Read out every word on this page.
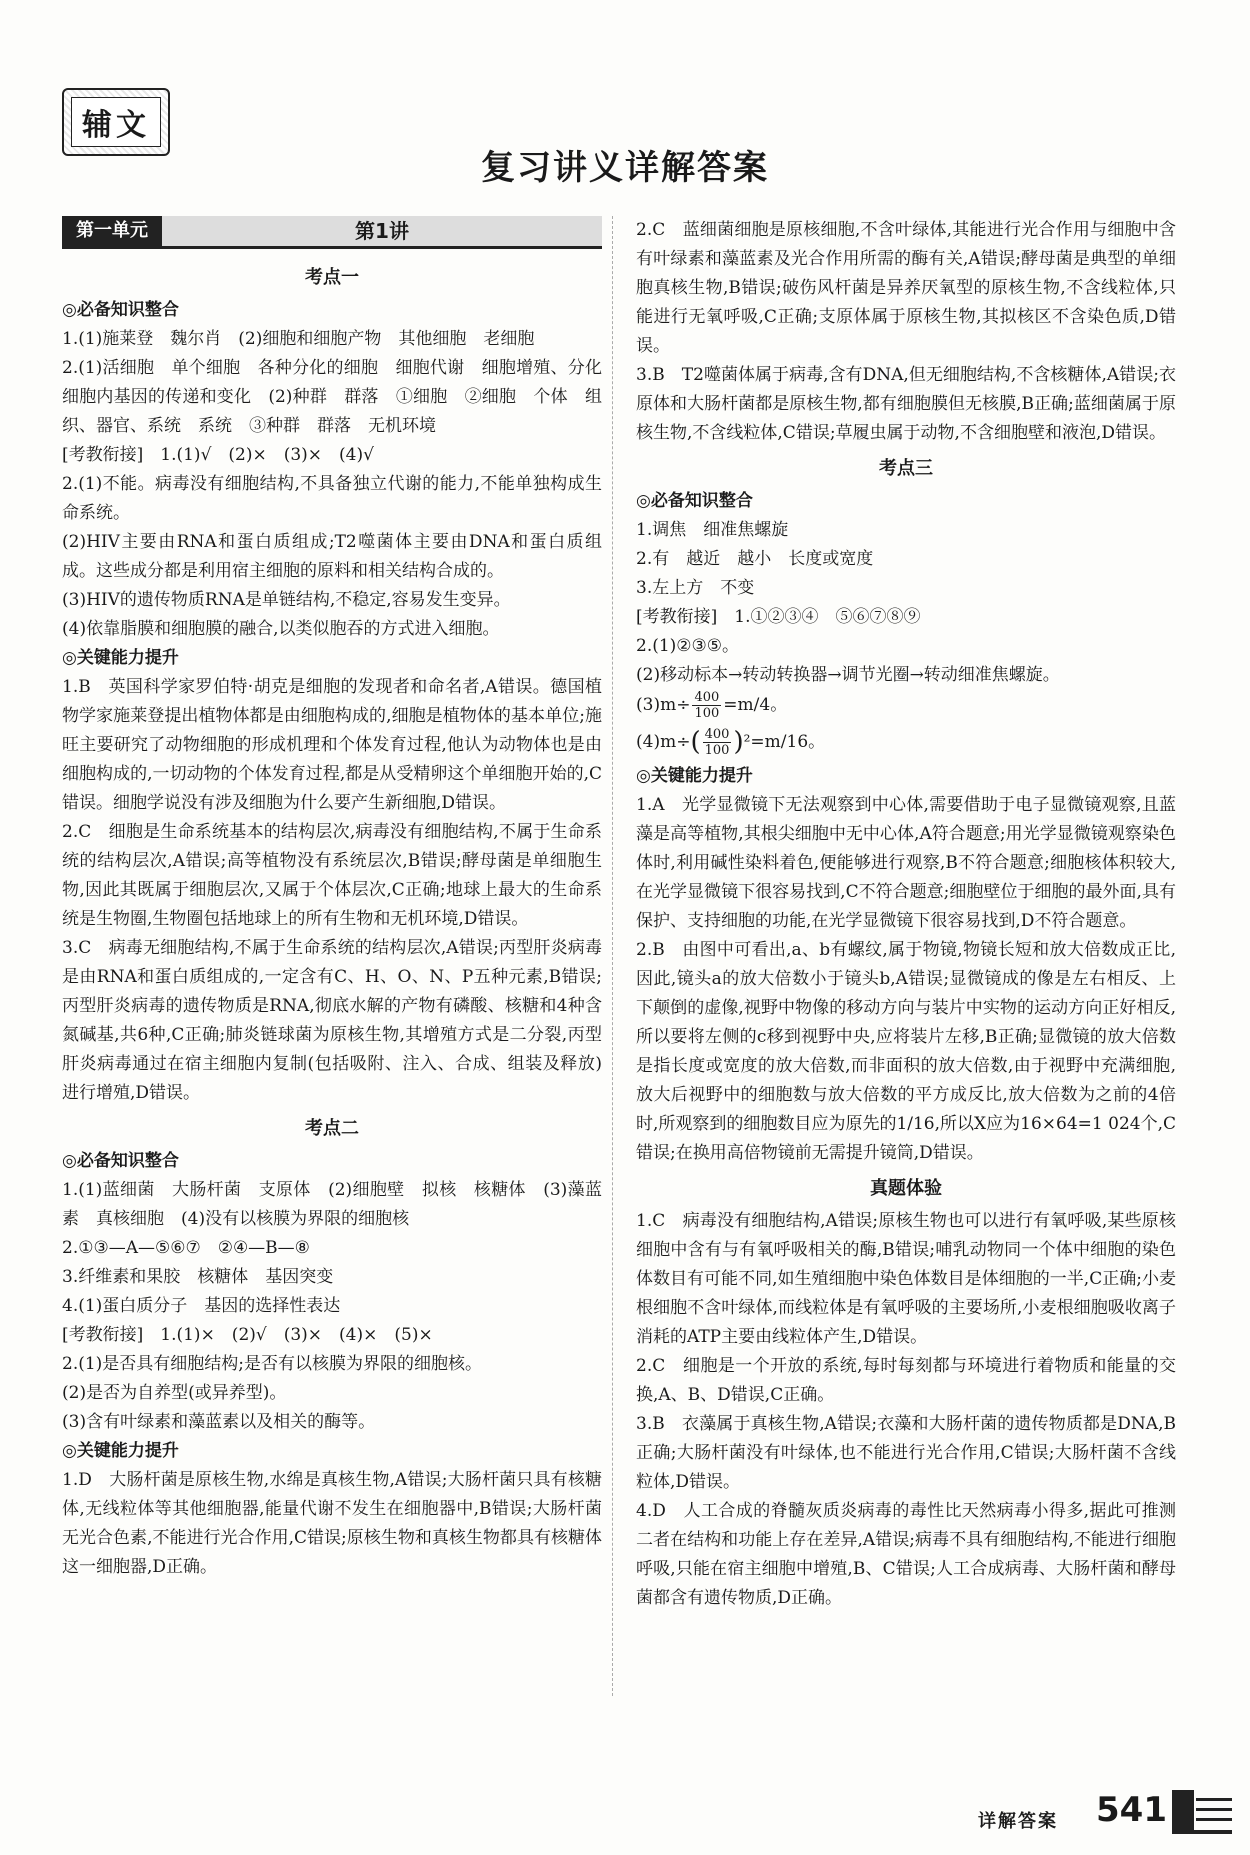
辅文
复习讲义详解答案
第一单元	第1讲
考点一
◎必备知识整合
1.(1)施莱登　魏尔肖　(2)细胞和细胞产物　其他细胞　老细胞
2.(1)活细胞　单个细胞　各种分化的细胞　细胞代谢　细胞增殖、分化　细胞内基因的传递和变化　(2)种群　群落　①细胞　②细胞　个体　组织、器官、系统　系统　③种群　群落　无机环境
[考教衔接]　1.(1)√　(2)×　(3)×　(4)√
2.(1)不能。病毒没有细胞结构,不具备独立代谢的能力,不能单独构成生命系统。
(2)HIV主要由RNA和蛋白质组成;T2噬菌体主要由DNA和蛋白质组成。这些成分都是利用宿主细胞的原料和相关结构合成的。
(3)HIV的遗传物质RNA是单链结构,不稳定,容易发生变异。
(4)依靠脂膜和细胞膜的融合,以类似胞吞的方式进入细胞。
◎关键能力提升
1.B　英国科学家罗伯特·胡克是细胞的发现者和命名者,A错误。德国植物学家施莱登提出植物体都是由细胞构成的,细胞是植物体的基本单位;施旺主要研究了动物细胞的形成机理和个体发育过程,他认为动物体也是由细胞构成的,一切动物的个体发育过程,都是从受精卵这个单细胞开始的,C错误。细胞学说没有涉及细胞为什么要产生新细胞,D错误。
2.C　细胞是生命系统基本的结构层次,病毒没有细胞结构,不属于生命系统的结构层次,A错误;高等植物没有系统层次,B错误;酵母菌是单细胞生物,因此其既属于细胞层次,又属于个体层次,C正确;地球上最大的生命系统是生物圈,生物圈包括地球上的所有生物和无机环境,D错误。
3.C　病毒无细胞结构,不属于生命系统的结构层次,A错误;丙型肝炎病毒是由RNA和蛋白质组成的,一定含有C、H、O、N、P五种元素,B错误;丙型肝炎病毒的遗传物质是RNA,彻底水解的产物有磷酸、核糖和4种含氮碱基,共6种,C正确;肺炎链球菌为原核生物,其增殖方式是二分裂,丙型肝炎病毒通过在宿主细胞内复制(包括吸附、注入、合成、组装及释放)进行增殖,D错误。
考点二
◎必备知识整合
1.(1)蓝细菌　大肠杆菌　支原体　(2)细胞壁　拟核　核糖体　(3)藻蓝素　真核细胞　(4)没有以核膜为界限的细胞核
2.①③—A—⑤⑥⑦　②④—B—⑧
3.纤维素和果胶　核糖体　基因突变
4.(1)蛋白质分子　基因的选择性表达
[考教衔接]　1.(1)×　(2)√　(3)×　(4)×　(5)×
2.(1)是否具有细胞结构;是否有以核膜为界限的细胞核。
(2)是否为自养型(或异养型)。
(3)含有叶绿素和藻蓝素以及相关的酶等。
◎关键能力提升
1.D　大肠杆菌是原核生物,水绵是真核生物,A错误;大肠杆菌只具有核糖体,无线粒体等其他细胞器,能量代谢不发生在细胞器中,B错误;大肠杆菌无光合色素,不能进行光合作用,C错误;原核生物和真核生物都具有核糖体这一细胞器,D正确。
2.C　蓝细菌细胞是原核细胞,不含叶绿体,其能进行光合作用与细胞中含有叶绿素和藻蓝素及光合作用所需的酶有关,A错误;酵母菌是典型的单细胞真核生物,B错误;破伤风杆菌是异养厌氧型的原核生物,不含线粒体,只能进行无氧呼吸,C正确;支原体属于原核生物,其拟核区不含染色质,D错误。
3.B　T2噬菌体属于病毒,含有DNA,但无细胞结构,不含核糖体,A错误;衣原体和大肠杆菌都是原核生物,都有细胞膜但无核膜,B正确;蓝细菌属于原核生物,不含线粒体,C错误;草履虫属于动物,不含细胞壁和液泡,D错误。
考点三
◎必备知识整合
1.调焦　细准焦螺旋
2.有　越近　越小　长度或宽度
3.左上方　不变
[考教衔接]　1.①②③④　⑤⑥⑦⑧⑨
2.(1)②③⑤。
(2)移动标本→转动转换器→调节光圈→转动细准焦螺旋。
$(3)m\div \frac{400}{100} =m/4$。
$(4)m\div( \frac{400}{100} )^2=m/16$。
◎关键能力提升
1.A　光学显微镜下无法观察到中心体,需要借助于电子显微镜观察,且蓝藻是高等植物,其根尖细胞中无中心体,A符合题意;用光学显微镜观察染色体时,利用碱性染料着色,便能够进行观察,B不符合题意;细胞核体积较大,在光学显微镜下很容易找到,C不符合题意;细胞壁位于细胞的最外面,具有保护、支持细胞的功能,在光学显微镜下很容易找到,D不符合题意。
2.B　由图中可看出,a、b有螺纹,属于物镜,物镜长短和放大倍数成正比,因此,镜头a的放大倍数小于镜头b,A错误;显微镜成的像是左右相反、上下颠倒的虚像,视野中物像的移动方向与装片中实物的运动方向正好相反,所以要将左侧的c移到视野中央,应将装片左移,B正确;显微镜的放大倍数是指长度或宽度的放大倍数,而非面积的放大倍数,由于视野中充满细胞,放大后视野中的细胞数与放大倍数的平方成反比,放大倍数为之前的4倍时,所观察到的细胞数目应为原先的1/16,所以X应为16×64=1 024个,C错误;在换用高倍物镜前无需提升镜筒,D错误。
真题体验
1.C　病毒没有细胞结构,A错误;原核生物也可以进行有氧呼吸,某些原核细胞中含有与有氧呼吸相关的酶,B错误;哺乳动物同一个体中细胞的染色体数目有可能不同,如生殖细胞中染色体数目是体细胞的一半,C正确;小麦根细胞不含叶绿体,而线粒体是有氧呼吸的主要场所,小麦根细胞吸收离子消耗的ATP主要由线粒体产生,D错误。
2.C　细胞是一个开放的系统,每时每刻都与环境进行着物质和能量的交换,A、B、D错误,C正确。
3.B　衣藻属于真核生物,A错误;衣藻和大肠杆菌的遗传物质都是DNA,B正确;大肠杆菌没有叶绿体,也不能进行光合作用,C错误;大肠杆菌不含线粒体,D错误。
4.D　人工合成的脊髓灰质炎病毒的毒性比天然病毒小得多,据此可推测二者在结构和功能上存在差异,A错误;病毒不具有细胞结构,不能进行细胞呼吸,只能在宿主细胞中增殖,B、C错误;人工合成病毒、大肠杆菌和酵母菌都含有遗传物质,D正确。
详解答案 541
